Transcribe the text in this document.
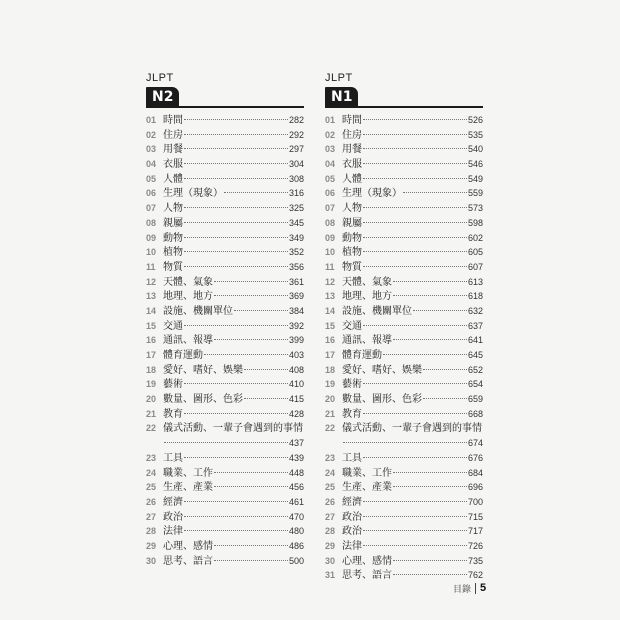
JLPT
N2
01 時間	282
02 住房	292
03 用餐	297
04 衣服	304
05 人體	308
06 生理（現象）	316
07 人物	325
08 親屬	345
09 動物	349
10 植物	352
11 物質	356
12 天體、氣象	361
13 地理、地方	369
14 設施、機關單位	384
15 交通	392
16 通訊、報導	399
17 體育運動	403
18 愛好、嗜好、娛樂	408
19 藝術	410
20 數量、圖形、色彩	415
21 教育	428
22 儀式活動、一輩子會遇到的事情
437
23 工具	439
24 職業、工作	448
25 生產、產業	456
26 經濟	461
27 政治	470
28 法律	480
29 心理、感情	486
30 思考、語言	500
JLPT
N1
01 時間	526
02 住房	535
03 用餐	540
04 衣服	546
05 人體	549
06 生理（現象）	559
07 人物	573
08 親屬	598
09 動物	602
10 植物	605
11 物質	607
12 天體、氣象	613
13 地理、地方	618
14 設施、機關單位	632
15 交通	637
16 通訊、報導	641
17 體育運動	645
18 愛好、嗜好、娛樂	652
19 藝術	654
20 數量、圖形、色彩	659
21 教育	668
22 儀式活動、一輩子會遇到的事情
674
23 工具	676
24 職業、工作	684
25 生產、產業	696
26 經濟	700
27 政治	715
28 政治	717
29 法律	726
30 心理、感情	735
31 思考、語言	762
目錄 5
